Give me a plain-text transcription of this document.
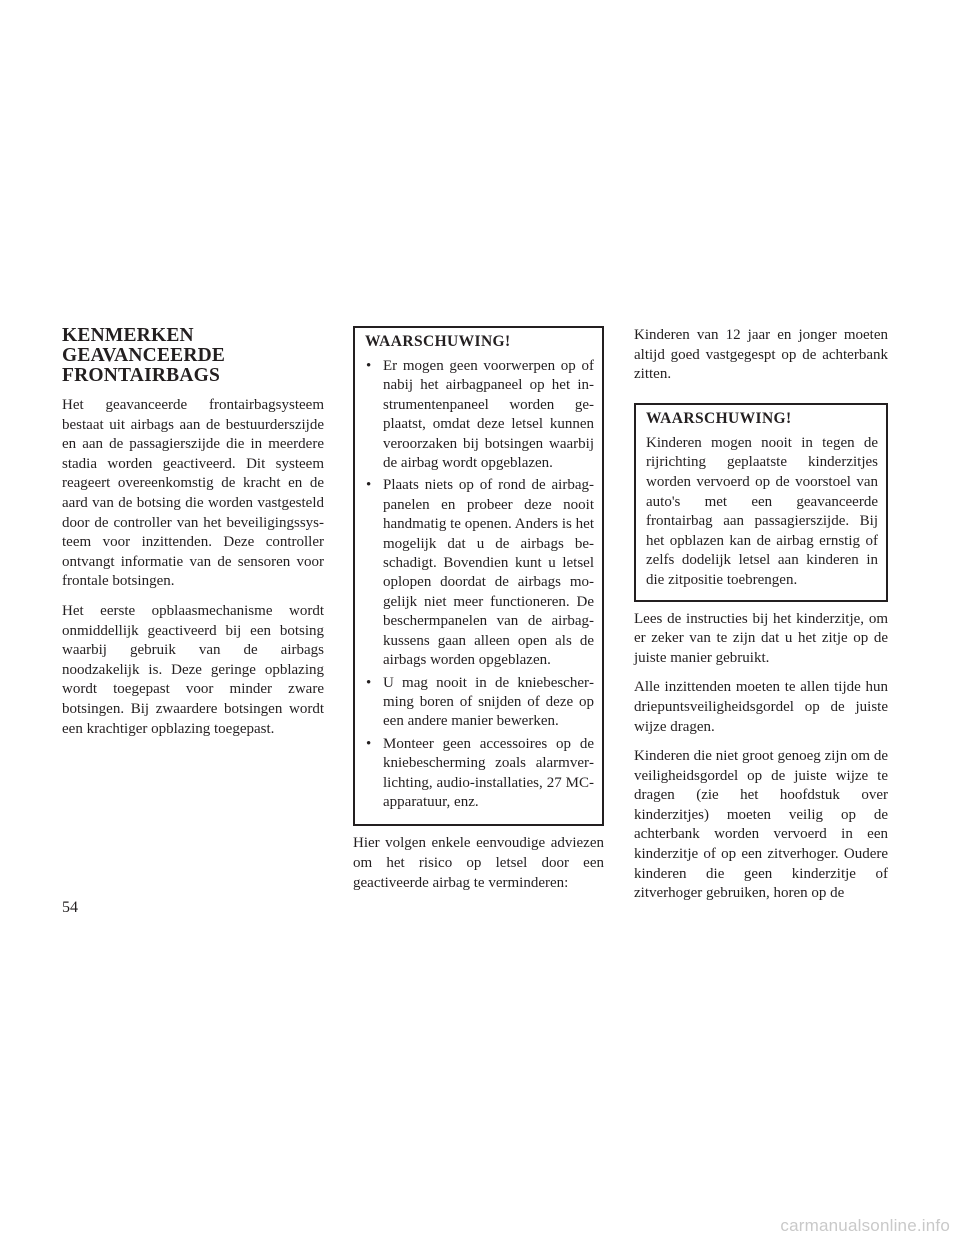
KENMERKEN
GEAVANCEERDE
FRONTAIRBAGS

Het geavanceerde frontairbagsysteem bestaat uit airbags aan de bestuurderszijde en aan de passagierszijde die in meerdere stadia worden geactiveerd. Dit systeem reageert overeenkomstig de kracht en de aard van de botsing die worden vastgesteld door de controller van het beveiligingssysteem voor inzittenden. Deze controller ontvangt informatie van de sensoren voor frontale botsingen.

Het eerste opblaasmechanisme wordt onmiddellijk geactiveerd bij een botsing waarbij gebruik van de airbags noodzakelijk is. Deze geringe opblazing wordt toegepast voor minder zware botsingen. Bij zwaardere botsingen wordt een krachtiger opblazing toegepast.

WAARSCHUWING!
• Er mogen geen voorwerpen op of nabij het airbagpaneel op het instrumentenpaneel worden geplaatst, omdat deze letsel kunnen veroorzaken bij botsingen waarbij de airbag wordt opgeblazen.
• Plaats niets op of rond de airbagpanelen en probeer deze nooit handmatig te openen. Anders is het mogelijk dat u de airbags beschadigt. Bovendien kunt u letsel oplopen doordat de airbags mogelijk niet meer functioneren. De beschermpanelen van de airbagkussens gaan alleen open als de airbags worden opgeblazen.
• U mag nooit in de kniebescherming boren of snijden of deze op een andere manier bewerken.
• Monteer geen accessoires op de kniebescherming zoals alarmverlichting, audio-installaties, 27 MC-apparatuur, enz.

Hier volgen enkele eenvoudige adviezen om het risico op letsel door een geactiveerde airbag te verminderen:

Kinderen van 12 jaar en jonger moeten altijd goed vastgegespt op de achterbank zitten.

WAARSCHUWING!

Kinderen mogen nooit in tegen de rijrichting geplaatste kinderzitjes worden vervoerd op de voorstoel van auto's met een geavanceerde frontairbag aan passagierszijde. Bij het opblazen kan de airbag ernstig of zelfs dodelijk letsel aan kinderen in die zitpositie toebrengen.

Lees de instructies bij het kinderzitje, om er zeker van te zijn dat u het zitje op de juiste manier gebruikt.

Alle inzittenden moeten te allen tijde hun driepuntsveiligheidsgordel op de juiste wijze dragen.

Kinderen die niet groot genoeg zijn om de veiligheidsgordel op de juiste wijze te dragen (zie het hoofdstuk over kinderzitjes) moeten veilig op de achterbank worden vervoerd in een kinderzitje of op een zitverhoger. Oudere kinderen die geen kinderzitje of zitverhoger gebruiken, horen op de

54
carmanualsonline.info
